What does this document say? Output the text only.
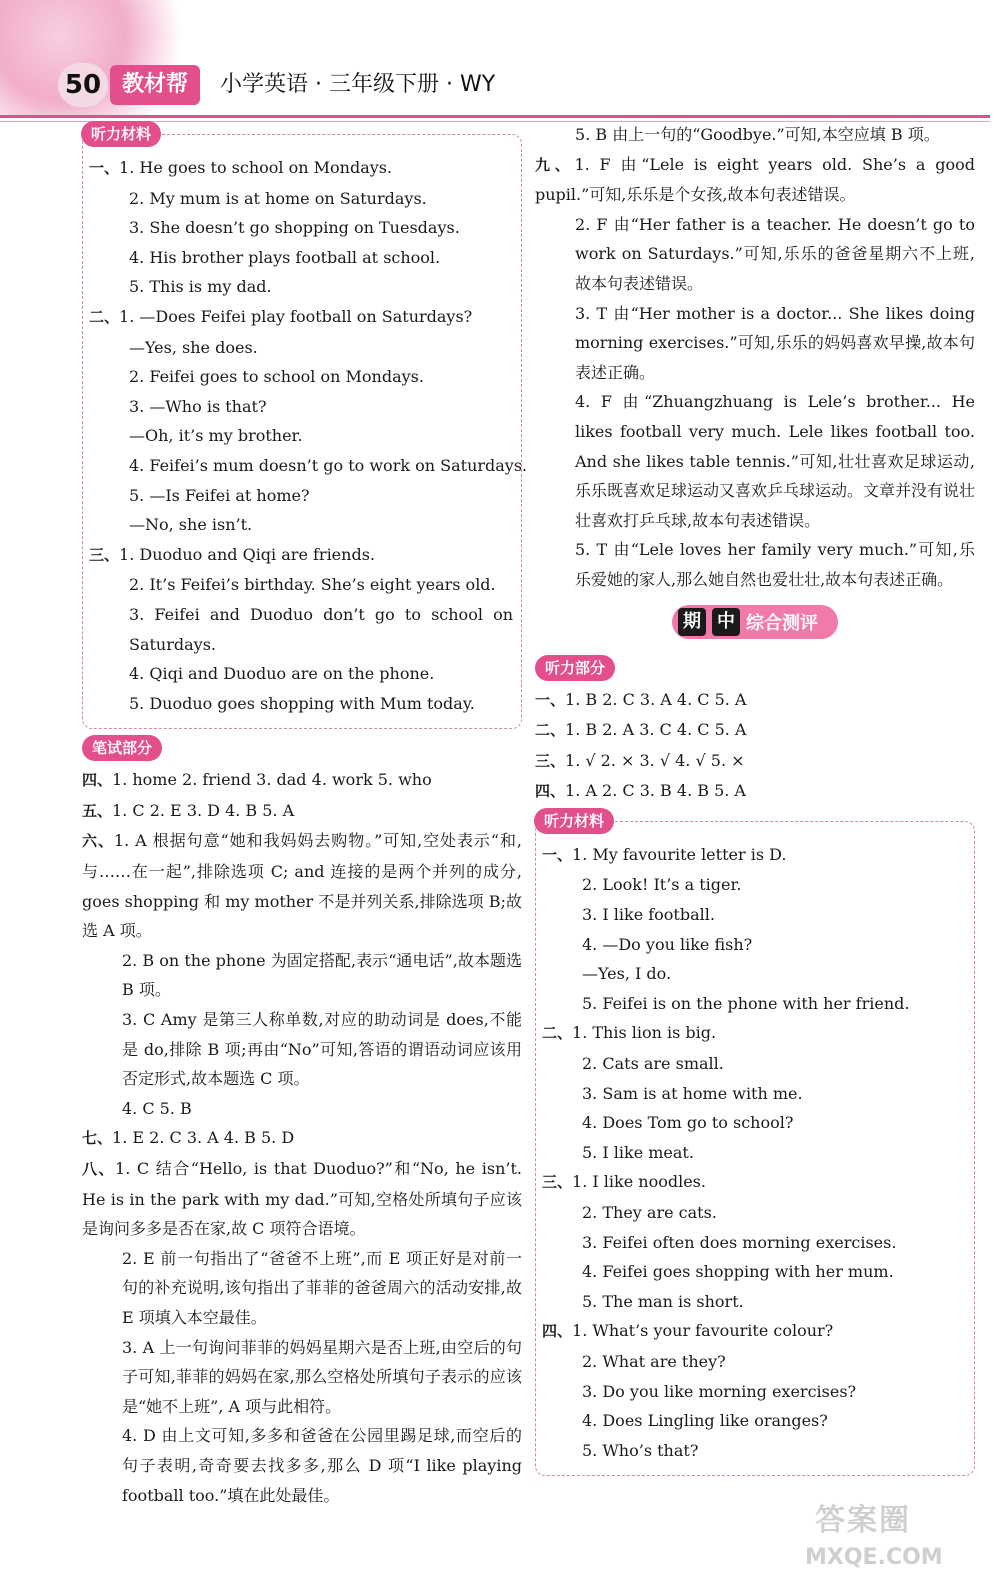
50 教材帮	小学英语 · 三年级下册 · WY
听力材料
一、1. He goes to school on Mondays.
2. My mum is at home on Saturdays.
3. She doesn’t go shopping on Tuesdays.
4. His brother plays football at school.
5. This is my dad.
二、1. —Does Feifei play football on Saturdays?
—Yes, she does.
2. Feifei goes to school on Mondays.
3. —Who is that?
—Oh, it’s my brother.
4. Feifei’s mum doesn’t go to work on Saturdays.
5. —Is Feifei at home?
—No, she isn’t.
三、1. Duoduo and Qiqi are friends.
2. It’s Feifei’s birthday. She’s eight years old.
3. Feifei and Duoduo don’t go to school on Saturdays.
4. Qiqi and Duoduo are on the phone.
5. Duoduo goes shopping with Mum today.
笔试部分
四、1. home 2. friend 3. dad 4. work 5. who
五、1. C 2. E 3. D 4. B 5. A
六、1. A 根据句意“她和我妈妈去购物。”可知,空处表示“和,与……在一起”,排除选项 C; and 连接的是两个并列的成分, goes shopping 和 my mother 不是并列关系,排除选项 B;故选 A 项。
2. B on the phone 为固定搭配,表示“通电话”,故本题选 B 项。
3. C Amy 是第三人称单数,对应的助动词是 does,不能是 do,排除 B 项;再由“No”可知,答语的谓语动词应该用否定形式,故本题选 C 项。
4. C 5. B
七、1. E 2. C 3. A 4. B 5. D
八、1. C 结合“Hello, is that Duoduo?”和“No, he isn’t. He is in the park with my dad.”可知,空格处所填句子应该是询问多多是否在家,故 C 项符合语境。
2. E 前一句指出了“爸爸不上班”,而 E 项正好是对前一句的补充说明,该句指出了菲菲的爸爸周六的活动安排,故 E 项填入本空最佳。
3. A 上一句询问菲菲的妈妈星期六是否上班,由空后的句子可知,菲菲的妈妈在家,那么空格处所填句子表示的应该是“她不上班”, A 项与此相符。
4. D 由上文可知,多多和爸爸在公园里踢足球,而空后的句子表明,奇奇要去找多多,那么 D 项“I like playing football too.”填在此处最佳。
5. B 由上一句的“Goodbye.”可知,本空应填 B 项。
九、1. F 由“Lele is eight years old. She’s a good pupil.”可知,乐乐是个女孩,故本句表述错误。
2. F 由“Her father is a teacher. He doesn’t go to work on Saturdays.”可知,乐乐的爸爸星期六不上班,故本句表述错误。
3. T 由“Her mother is a doctor... She likes doing morning exercises.”可知,乐乐的妈妈喜欢早操,故本句表述正确。
4. F 由“Zhuangzhuang is Lele’s brother... He likes football very much. Lele likes football too. And she likes table tennis.”可知,壮壮喜欢足球运动,乐乐既喜欢足球运动又喜欢乒乓球运动。文章并没有说壮壮喜欢打乒乓球,故本句表述错误。
5. T 由“Lele loves her family very much.”可知,乐乐爱她的家人,那么她自然也爱壮壮,故本句表述正确。
期 中 综合测评
听力部分
一、1. B 2. C 3. A 4. C 5. A
二、1. B 2. A 3. C 4. C 5. A
三、1. √ 2. × 3. √ 4. √ 5. ×
四、1. A 2. C 3. B 4. B 5. A
听力材料
一、1. My favourite letter is D.
2. Look! It’s a tiger.
3. I like football.
4. —Do you like fish?
—Yes, I do.
5. Feifei is on the phone with her friend.
二、1. This lion is big.
2. Cats are small.
3. Sam is at home with me.
4. Does Tom go to school?
5. I like meat.
三、1. I like noodles.
2. They are cats.
3. Feifei often does morning exercises.
4. Feifei goes shopping with her mum.
5. The man is short.
四、1. What’s your favourite colour?
2. What are they?
3. Do you like morning exercises?
4. Does Lingling like oranges?
5. Who’s that?
答案圈
MXQE.COM
